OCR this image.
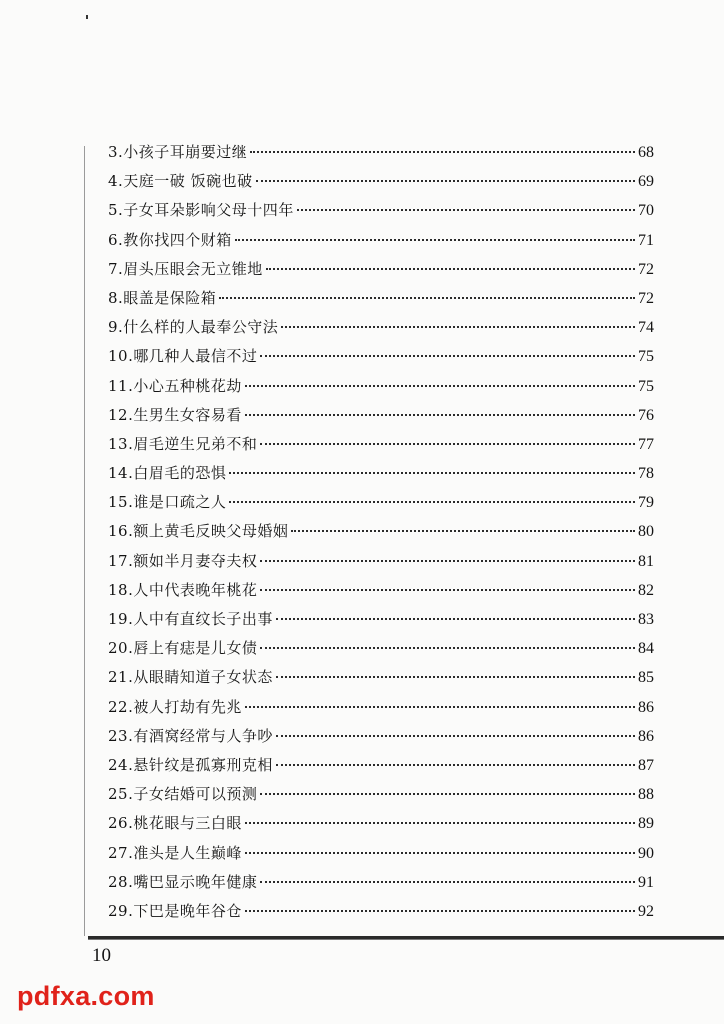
3.小孩子耳崩要过继	68
4.天庭一破 饭碗也破	69
5.子女耳朵影响父母十四年	70
6.教你找四个财箱	71
7.眉头压眼会无立锥地	72
8.眼盖是保险箱	72
9.什么样的人最奉公守法	74
10.哪几种人最信不过	75
11.小心五种桃花劫	75
12.生男生女容易看	76
13.眉毛逆生兄弟不和	77
14.白眉毛的恐惧	78
15.谁是口疏之人	79
16.额上黄毛反映父母婚姻	80
17.额如半月妻夺夫权	81
18.人中代表晚年桃花	82
19.人中有直纹长子出事	83
20.唇上有痣是儿女债	84
21.从眼睛知道子女状态	85
22.被人打劫有先兆	86
23.有酒窝经常与人争吵	86
24.悬针纹是孤寡刑克相	87
25.子女结婚可以预测	88
26.桃花眼与三白眼	89
27.准头是人生巅峰	90
28.嘴巴显示晚年健康	91
29.下巴是晚年谷仓	92
10
pdfxa.com
